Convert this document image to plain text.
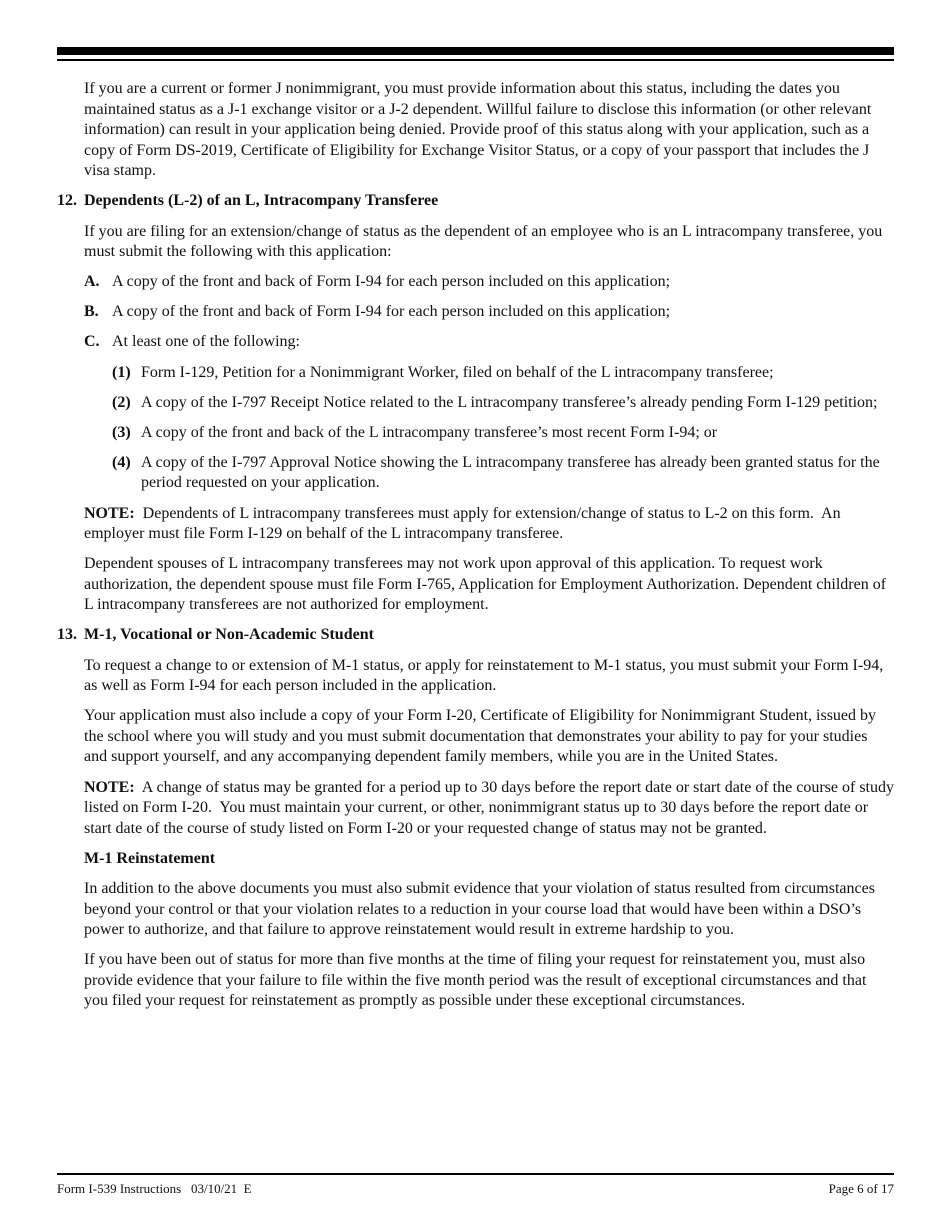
If you are a current or former J nonimmigrant, you must provide information about this status, including the dates you maintained status as a J-1 exchange visitor or a J-2 dependent. Willful failure to disclose this information (or other relevant information) can result in your application being denied. Provide proof of this status along with your application, such as a copy of Form DS-2019, Certificate of Eligibility for Exchange Visitor Status, or a copy of your passport that includes the J visa stamp.

12. Dependents (L-2) of an L, Intracompany Transferee

If you are filing for an extension/change of status as the dependent of an employee who is an L intracompany transferee, you must submit the following with this application:

A. A copy of the front and back of Form I-94 for each person included on this application;
B. A copy of the front and back of Form I-94 for each person included on this application;
C. At least one of the following:
(1) Form I-129, Petition for a Nonimmigrant Worker, filed on behalf of the L intracompany transferee;
(2) A copy of the I-797 Receipt Notice related to the L intracompany transferee’s already pending Form I-129 petition;
(3) A copy of the front and back of the L intracompany transferee’s most recent Form I-94; or
(4) A copy of the I-797 Approval Notice showing the L intracompany transferee has already been granted status for the period requested on your application.

NOTE:  Dependents of L intracompany transferees must apply for extension/change of status to L-2 on this form.  An employer must file Form I-129 on behalf of the L intracompany transferee.

Dependent spouses of L intracompany transferees may not work upon approval of this application. To request work authorization, the dependent spouse must file Form I-765, Application for Employment Authorization. Dependent children of L intracompany transferees are not authorized for employment.

13. M-1, Vocational or Non-Academic Student

To request a change to or extension of M-1 status, or apply for reinstatement to M-1 status, you must submit your Form I-94, as well as Form I-94 for each person included in the application.

Your application must also include a copy of your Form I-20, Certificate of Eligibility for Nonimmigrant Student, issued by the school where you will study and you must submit documentation that demonstrates your ability to pay for your studies and support yourself, and any accompanying dependent family members, while you are in the United States.

NOTE:  A change of status may be granted for a period up to 30 days before the report date or start date of the course of study listed on Form I-20.  You must maintain your current, or other, nonimmigrant status up to 30 days before the report date or start date of the course of study listed on Form I-20 or your requested change of status may not be granted.

M-1 Reinstatement

In addition to the above documents you must also submit evidence that your violation of status resulted from circumstances beyond your control or that your violation relates to a reduction in your course load that would have been within a DSO’s power to authorize, and that failure to approve reinstatement would result in extreme hardship to you.

If you have been out of status for more than five months at the time of filing your request for reinstatement you, must also provide evidence that your failure to file within the five month period was the result of exceptional circumstances and that you filed your request for reinstatement as promptly as possible under these exceptional circumstances.

Form I-539 Instructions   03/10/21  E	Page 6 of 17
